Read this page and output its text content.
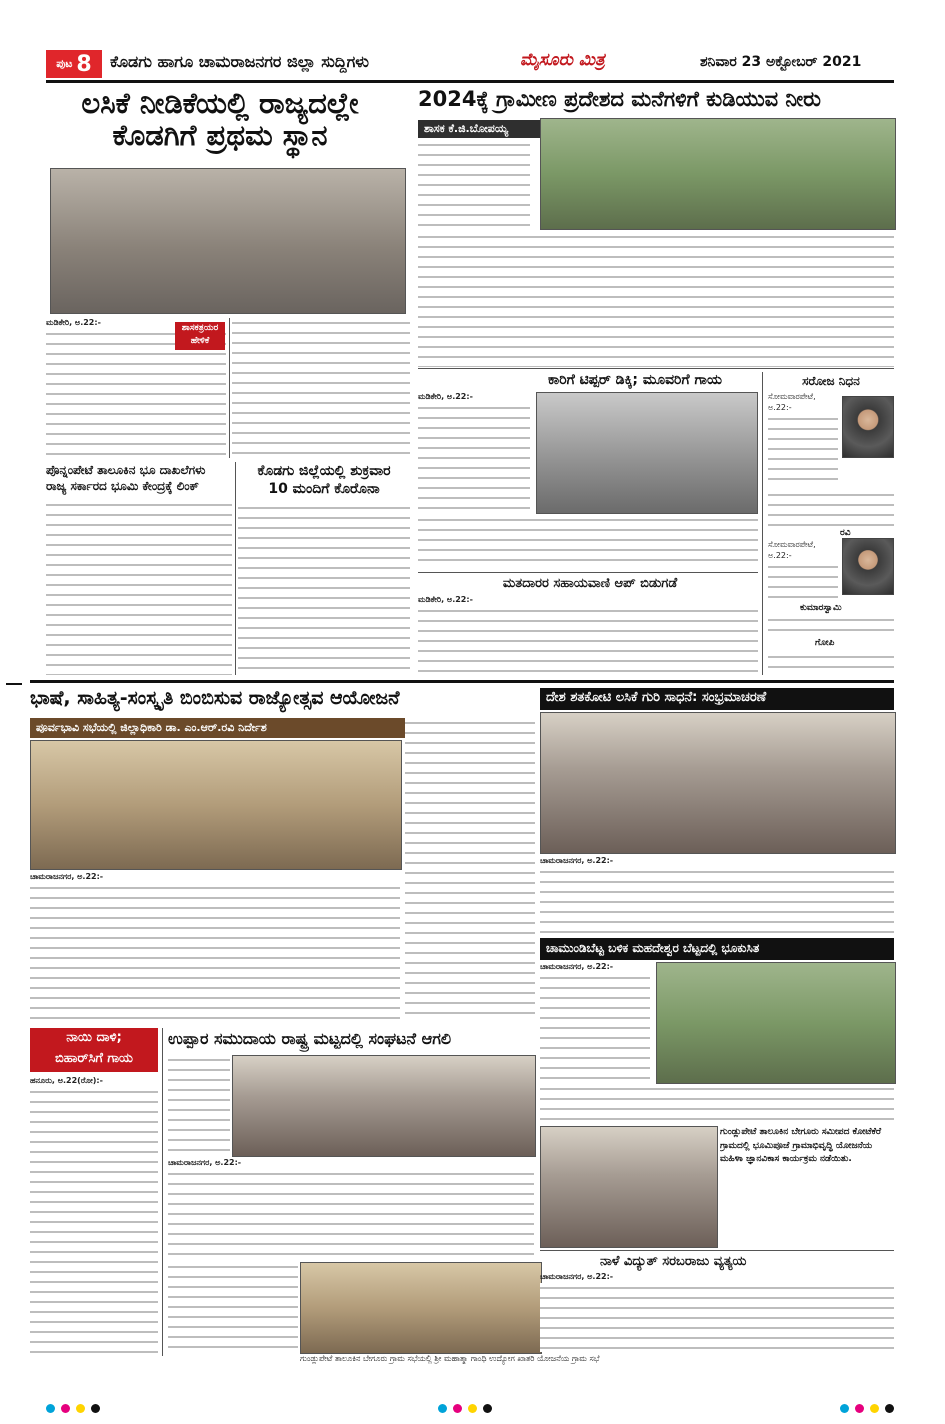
ಪುಟ 8 ಕೊಡಗು ಹಾಗೂ ಚಾಮರಾಜನಗರ ಜಿಲ್ಲಾ ಸುದ್ದಿಗಳು	ಮೈಸೂರು ಮಿತ್ರ	ಶನಿವಾರ 23 ಅಕ್ಟೋಬರ್ 2021
ಲಸಿಕೆ ನೀಡಿಕೆಯಲ್ಲಿ ರಾಜ್ಯದಲ್ಲೇ
ಕೊಡಗಿಗೆ ಪ್ರಥಮ ಸ್ಥಾನ
ಮಡಿಕೇರಿ, ಅ.22:-
ಶಾಸಕತ್ರಯರ
ಹೇಳಿಕೆ
ಪೊನ್ನಂಪೇಟೆ ತಾಲೂಕಿನ ಭೂ ದಾಖಲೆಗಳು
ರಾಜ್ಯ ಸರ್ಕಾರದ ಭೂಮಿ ಕೇಂದ್ರಕ್ಕೆ ಲಿಂಕ್
ಕೊಡಗು ಜಿಲ್ಲೆಯಲ್ಲಿ ಶುಕ್ರವಾರ
10 ಮಂದಿಗೆ ಕೊರೊನಾ
2024ಕ್ಕೆ ಗ್ರಾಮೀಣ ಪ್ರದೇಶದ ಮನೆಗಳಿಗೆ ಕುಡಿಯುವ ನೀರು
ಶಾಸಕ ಕೆ.ಜಿ.ಬೋಪಯ್ಯ
ಕಾರಿಗೆ ಟಿಪ್ಪರ್ ಡಿಕ್ಕಿ; ಮೂವರಿಗೆ ಗಾಯ
ಮಡಿಕೇರಿ, ಅ.22:-
ಸರೋಜ ನಿಧನ
ಸೋಮವಾರಪೇಟೆ, ಅ.22:-
ರವಿ
ಸೋಮವಾರಪೇಟೆ, ಅ.22:-
ಕುಮಾರಸ್ವಾಮಿ
ಗೋಪಿ
ಮತದಾರರ ಸಹಾಯವಾಣಿ ಆಪ್ ಬಿಡುಗಡೆ
ಮಡಿಕೇರಿ, ಅ.22:-
ಭಾಷೆ, ಸಾಹಿತ್ಯ-ಸಂಸ್ಕೃತಿ ಬಿಂಬಿಸುವ ರಾಜ್ಯೋತ್ಸವ ಆಯೋಜನೆ
ಪೂರ್ವಭಾವಿ ಸಭೆಯಲ್ಲಿ ಜಿಲ್ಲಾಧಿಕಾರಿ ಡಾ. ಎಂ.ಆರ್.ರವಿ ನಿರ್ದೇಶ
ಚಾಮರಾಜನಗರ, ಅ.22:-
ದೇಶ ಶತಕೋಟಿ ಲಸಿಕೆ ಗುರಿ ಸಾಧನೆ: ಸಂಭ್ರಮಾಚರಣೆ
ಚಾಮರಾಜನಗರ, ಅ.22:-
ಚಾಮುಂಡಿಬೆಟ್ಟ ಬಳಿಕ ಮಹದೇಶ್ವರ ಬೆಟ್ಟದಲ್ಲಿ ಭೂಕುಸಿತ
ಚಾಮರಾಜನಗರ, ಅ.22:-
ನಾಯಿ ದಾಳಿ;
ಬಿಹಾರ್‌ಸಿಗೆ ಗಾಯ
ಹನೂರು, ಅ.22(ರೋ):-
ಉಪ್ಪಾರ ಸಮುದಾಯ ರಾಷ್ಟ್ರ ಮಟ್ಟದಲ್ಲಿ ಸಂಘಟನೆ ಆಗಲಿ
ಚಾಮರಾಜನಗರ, ಅ.22:-
ಗುಂಡ್ಲುಪೇಟೆ ತಾಲೂಕಿನ ಬೇಗೂರು ಸಮೀಪದ ಕೋಟೆಕೆರೆ ಗ್ರಾಮದಲ್ಲಿ ಭೂಮಿಪೂಜೆ ಗ್ರಾಮಾಭಿವೃದ್ಧಿ ಯೋಜನೆಯ ಮಹಿಳಾ ಜ್ಞಾನವಿಕಾಸ ಕಾರ್ಯಕ್ರಮ ನಡೆಯಿತು.
ನಾಳೆ ವಿದ್ಯುತ್ ಸರಬರಾಜು ವ್ಯತ್ಯಯ
ಚಾಮರಾಜನಗರ, ಅ.22:-
ಗುಂಡ್ಲುಪೇಟೆ ತಾಲೂಕಿನ ಬೇಗೂರು ಗ್ರಾಮ ಸಭೆಯಲ್ಲಿ ಶ್ರೀ ಮಹಾತ್ಮಾ ಗಾಂಧಿ ಉದ್ಯೋಗ ಖಾತರಿ ಯೋಜನೆಯ ಗ್ರಾಮ ಸಭೆ
